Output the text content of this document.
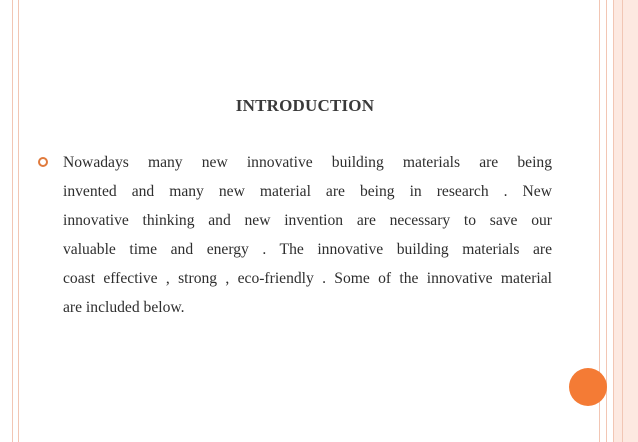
INTRODUCTION
Nowadays many new innovative building materials are being
invented and many new material are being in research . New
innovative thinking and new invention are necessary to save our
valuable time and energy . The innovative building materials are
coast effective , strong , eco-friendly . Some of the innovative material
are included below.
